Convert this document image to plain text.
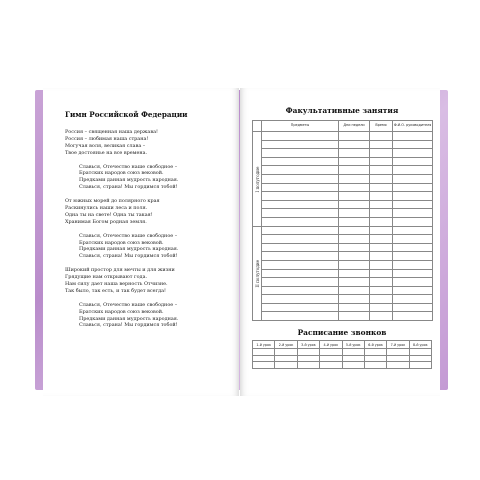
Гимн Российской Федерации
Россия – священная наша держава!
Россия – любимая наша страна!
Могучая воля, великая слава –
Твое достоянье на все времена.
Славься, Отечество наше свободное –
Братских народов союз вековой.
Предками данная мудрость народная.
Славься, страна! Мы гордимся тобой!
От южных морей до полярного края
Раскинулись наши леса и поля.
Одна ты на свете! Одна ты такая!
Хранимая Богом родная земля.
Славься, Отечество наше свободное –
Братских народов союз вековой.
Предками данная мудрость народная.
Славься, страна! Мы гордимся тобой!
Широкий простор для мечты и для жизни
Грядущие нам открывают года.
Нам силу дает наша верность Отчизне.
Так было, так есть, и так будет всегда!
Славься, Отечество наше свободное –
Братских народов союз вековой.
Предками данная мудрость народная.
Славься, страна! Мы гордимся тобой!
Факультативные занятия
	Предметы	Дни недели	Время	Ф.И.О. руководителя
I полугодие				

II полугодие				

Расписание звонков
1-й урок	2-й урок	3-й урок	4-й урок	5-й урок	6-й урок	7-й урок	8-й урок
